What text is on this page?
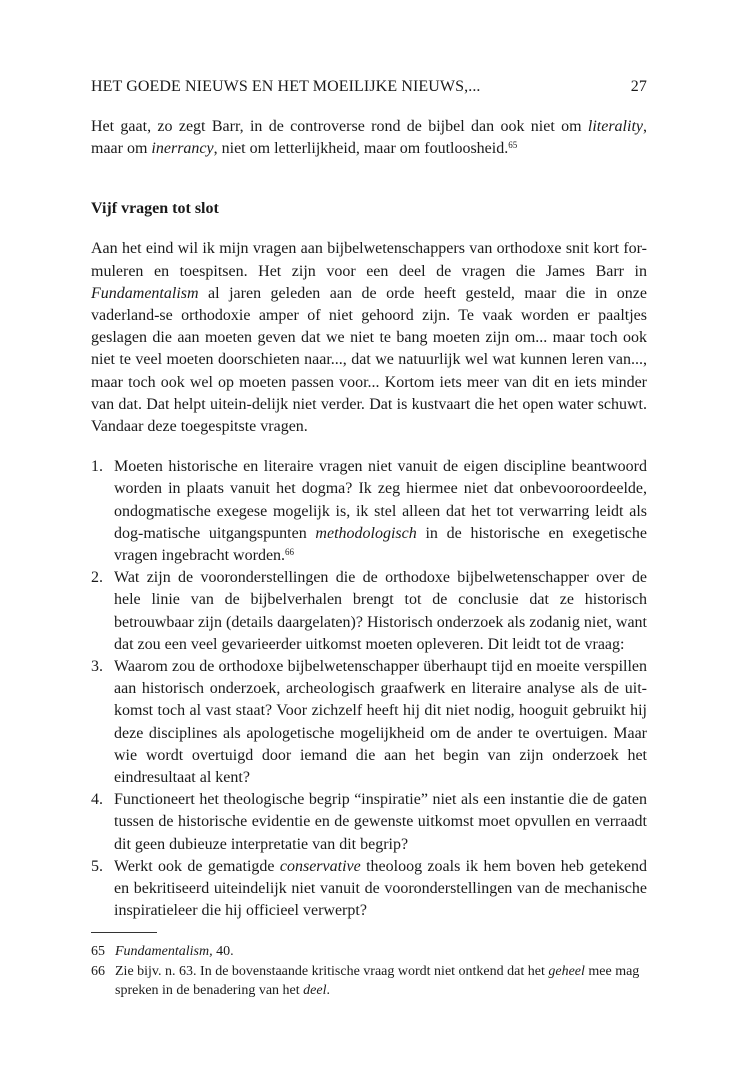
HET GOEDE NIEUWS EN HET MOEILIJKE NIEUWS,...	27

Het gaat, zo zegt Barr, in de controverse rond de bijbel dan ook niet om literality, maar om inerrancy, niet om letterlijkheid, maar om foutloosheid.$^{65}$

Vijf vragen tot slot

Aan het eind wil ik mijn vragen aan bijbelwetenschappers van orthodoxe snit kort for-muleren en toespitsen. Het zijn voor een deel de vragen die James Barr in Fundamentalism al jaren geleden aan de orde heeft gesteld, maar die in onze vaderland-se orthodoxie amper of niet gehoord zijn. Te vaak worden er paaltjes geslagen die aan moeten geven dat we niet te bang moeten zijn om... maar toch ook niet te veel moeten doorschieten naar..., dat we natuurlijk wel wat kunnen leren van..., maar toch ook wel op moeten passen voor... Kortom iets meer van dit en iets minder van dat. Dat helpt uitein-delijk niet verder. Dat is kustvaart die het open water schuwt. Vandaar deze toegespitste vragen.

1. Moeten historische en literaire vragen niet vanuit de eigen discipline beantwoord worden in plaats vanuit het dogma? Ik zeg hiermee niet dat onbevooroordeelde, ondogmatische exegese mogelijk is, ik stel alleen dat het tot verwarring leidt als dog-matische uitgangspunten methodologisch in de historische en exegetische vragen ingebracht worden.$^{66}$
2. Wat zijn de vooronderstellingen die de orthodoxe bijbelwetenschapper over de hele linie van de bijbelverhalen brengt tot de conclusie dat ze historisch betrouwbaar zijn (details daargelaten)? Historisch onderzoek als zodanig niet, want dat zou een veel gevarieerder uitkomst moeten opleveren. Dit leidt tot de vraag:
3. Waarom zou de orthodoxe bijbelwetenschapper überhaupt tijd en moeite verspillen aan historisch onderzoek, archeologisch graafwerk en literaire analyse als de uit-komst toch al vast staat? Voor zichzelf heeft hij dit niet nodig, hooguit gebruikt hij deze disciplines als apologetische mogelijkheid om de ander te overtuigen. Maar wie wordt overtuigd door iemand die aan het begin van zijn onderzoek het eindresultaat al kent?
4. Functioneert het theologische begrip “inspiratie” niet als een instantie die de gaten tussen de historische evidentie en de gewenste uitkomst moet opvullen en verraadt dit geen dubieuze interpretatie van dit begrip?
5. Werkt ook de gematigde conservative theoloog zoals ik hem boven heb getekend en bekritiseerd uiteindelijk niet vanuit de vooronderstellingen van de mechanische inspiratieleer die hij officieel verwerpt?
65 Fundamentalism, 40.
66 Zie bijv. n. 63. In de bovenstaande kritische vraag wordt niet ontkend dat het geheel mee mag spreken in de benadering van het deel.
